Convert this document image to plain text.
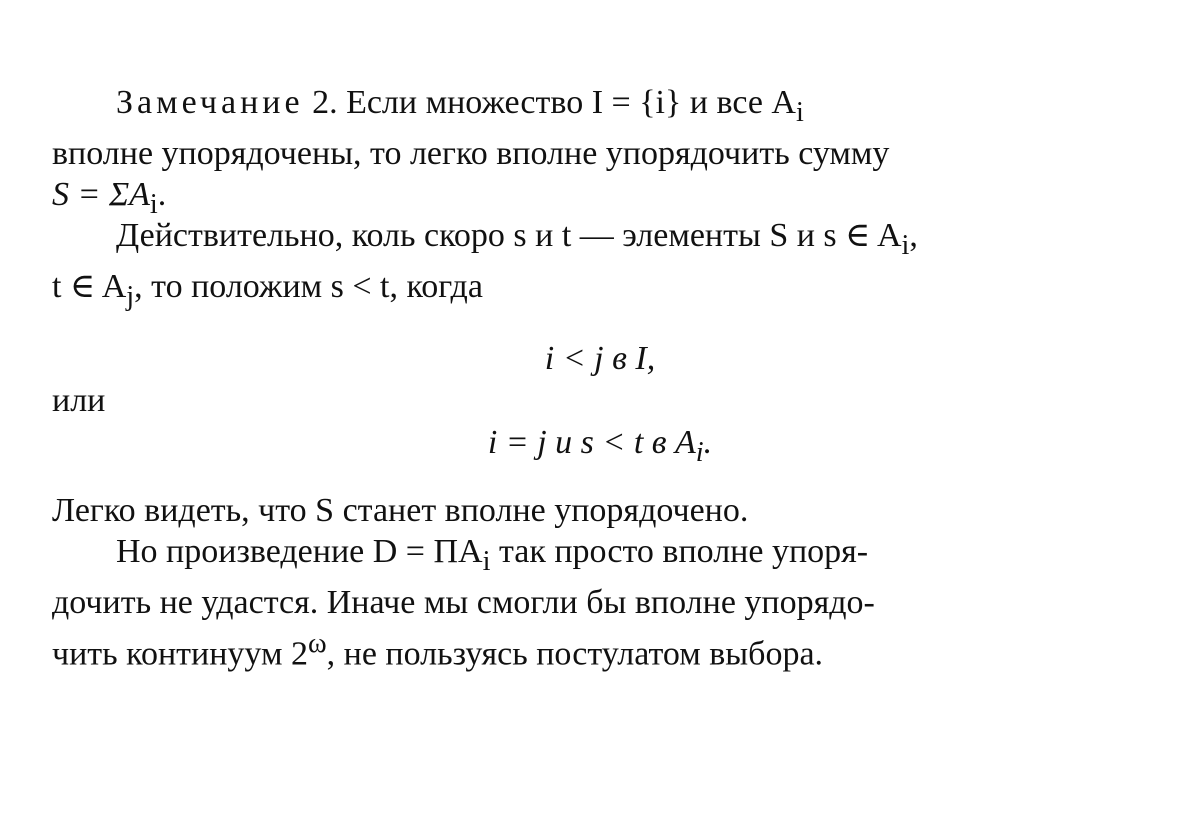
Замечание 2. Если множество I = {i} и все $A_i$
вполне упорядочены, то легко вполне упорядочить сумму
$S = \Sigma A_i$.
Действительно, коль скоро s и t — элементы S и s ∈ $A_i$,
t ∈ $A_j$, то положим s < t, когда
i < j в I,
или
i = j и s < t в $A_i$.
Легко видеть, что S станет вполне упорядочено.
Но произведение $D = \Pi A_i$ так просто вполне упоря-
дочить не удастся. Иначе мы смогли бы вполне упорядо-
чить континуум $2^\omega$, не пользуясь постулатом выбора.
